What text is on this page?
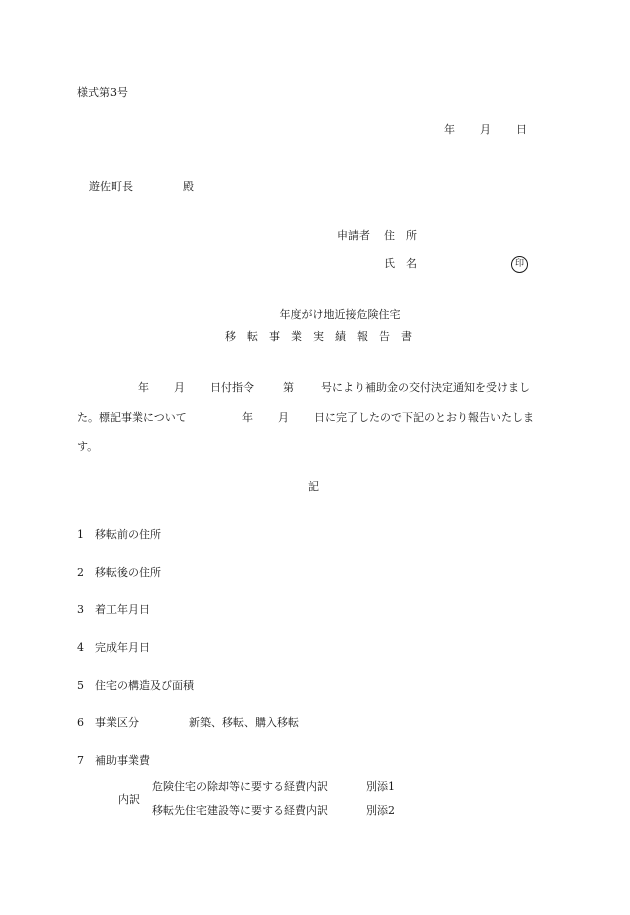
様式第3号
年 月 日
遊佐町長	殿
申請者 住　所
氏　名	印
年度がけ地近接危険住宅
移　転　事　業　実　績　報　告　書
年 月 日付指令	第 号により補助金の交付決定通知を受けまし
た。標記事業について	年 月 日に完了したので下記のとおり報告いたしま
す。
記
1 移転前の住所
2 移転後の住所
3 着工年月日
4 完成年月日
5 住宅の構造及び面積
6 事業区分	新築、移転、購入移転
7 補助事業費
内訳
危険住宅の除却等に要する経費内訳	別添1
移転先住宅建設等に要する経費内訳	別添2
